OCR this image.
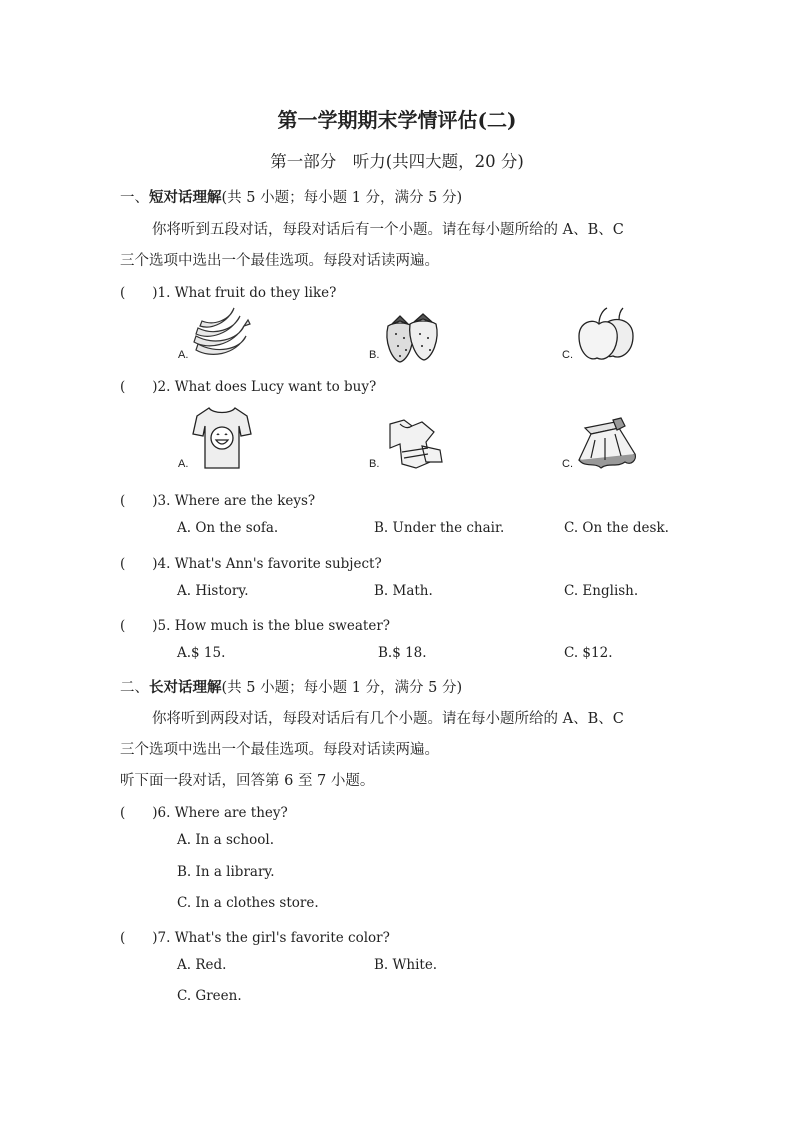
第一学期期末学情评估(二)
第一部分　听力(共四大题，20 分)
一、短对话理解(共 5 小题；每小题 1 分，满分 5 分)
你将听到五段对话，每段对话后有一个小题。请在每小题所给的 A、B、C
三个选项中选出一个最佳选项。每段对话读两遍。
(　　)1. What fruit do they like?
A.	B.	C.
(　　)2. What does Lucy want to buy?
A.	B.	C.
(　　)3. Where are the keys?
A. On the sofa.	B. Under the chair.	C. On the desk.
(　　)4. What's Ann's favorite subject?
A. History.	B. Math.	C. English.
(　　)5. How much is the blue sweater?
A.$ 15.	B.$ 18.	C. $12.
二、长对话理解(共 5 小题；每小题 1 分，满分 5 分)
你将听到两段对话，每段对话后有几个小题。请在每小题所给的 A、B、C
三个选项中选出一个最佳选项。每段对话读两遍。
听下面一段对话，回答第 6 至 7 小题。
(　　)6. Where are they?
A. In a school.
B. In a library.
C. In a clothes store.
(　　)7. What's the girl's favorite color?
A. Red.	B. White.
C. Green.
